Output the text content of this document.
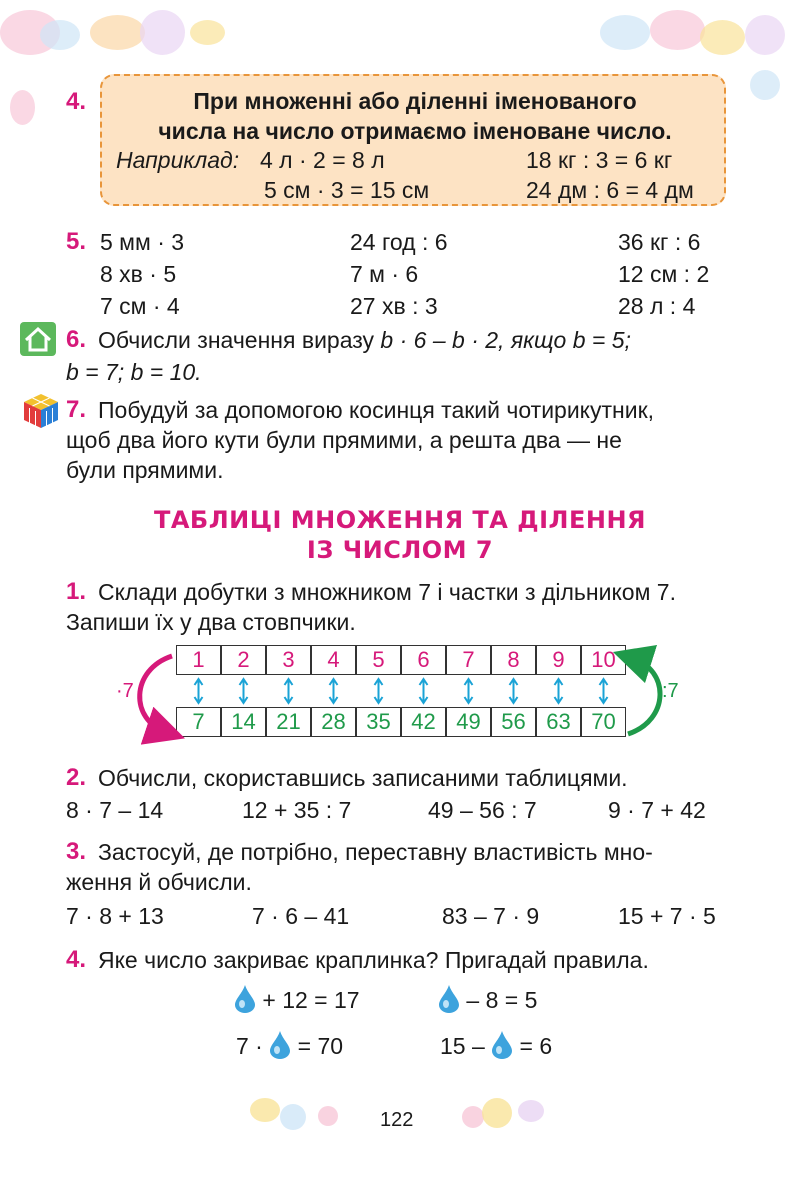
4.	При множенні або діленні іменованого
числа на число отримаємо іменоване число.
Наприклад: 4 л · 2 = 8 л	18 кг : 3 = 6 кг
5 см · 3 = 15 см	24 дм : 6 = 4 дм
5. 5 мм · 3	24 год : 6	36 кг : 6
8 хв · 5	7 м · 6	12 см : 2
7 см · 4	27 хв : 3	28 л : 4
6. Обчисли значення виразу b · 6 – b · 2, якщо b = 5;
b = 7; b = 10.
7. Побудуй за допомогою косинця такий чотирикутник,
щоб два його кути були прямими, а решта два — не
були прямими.
ТАБЛИЦІ МНОЖЕННЯ ТА ДІЛЕННЯ
ІЗ ЧИСЛОМ 7
1. Склади добутки з множником 7 і частки з дільником 7.
Запиши їх у два стовпчики.
1	2	3	4	5	6	7	8	9	10
7	14 21 28 35 42 49 56 63 70
·7	:7
2. Обчисли, скориставшись записаними таблицями.
8 · 7 – 14	12 + 35 : 7	49 – 56 : 7	9 · 7 + 42
3. Застосуй, де потрібно, переставну властивість мно-
ження й обчисли.
7 · 8 + 13	7 · 6 – 41	83 – 7 · 9	15 + 7 · 5
4. Яке число закриває краплинка? Пригадай правила.
+ 12 = 17	– 8 = 5
7 · = 70	15 – = 6
122
